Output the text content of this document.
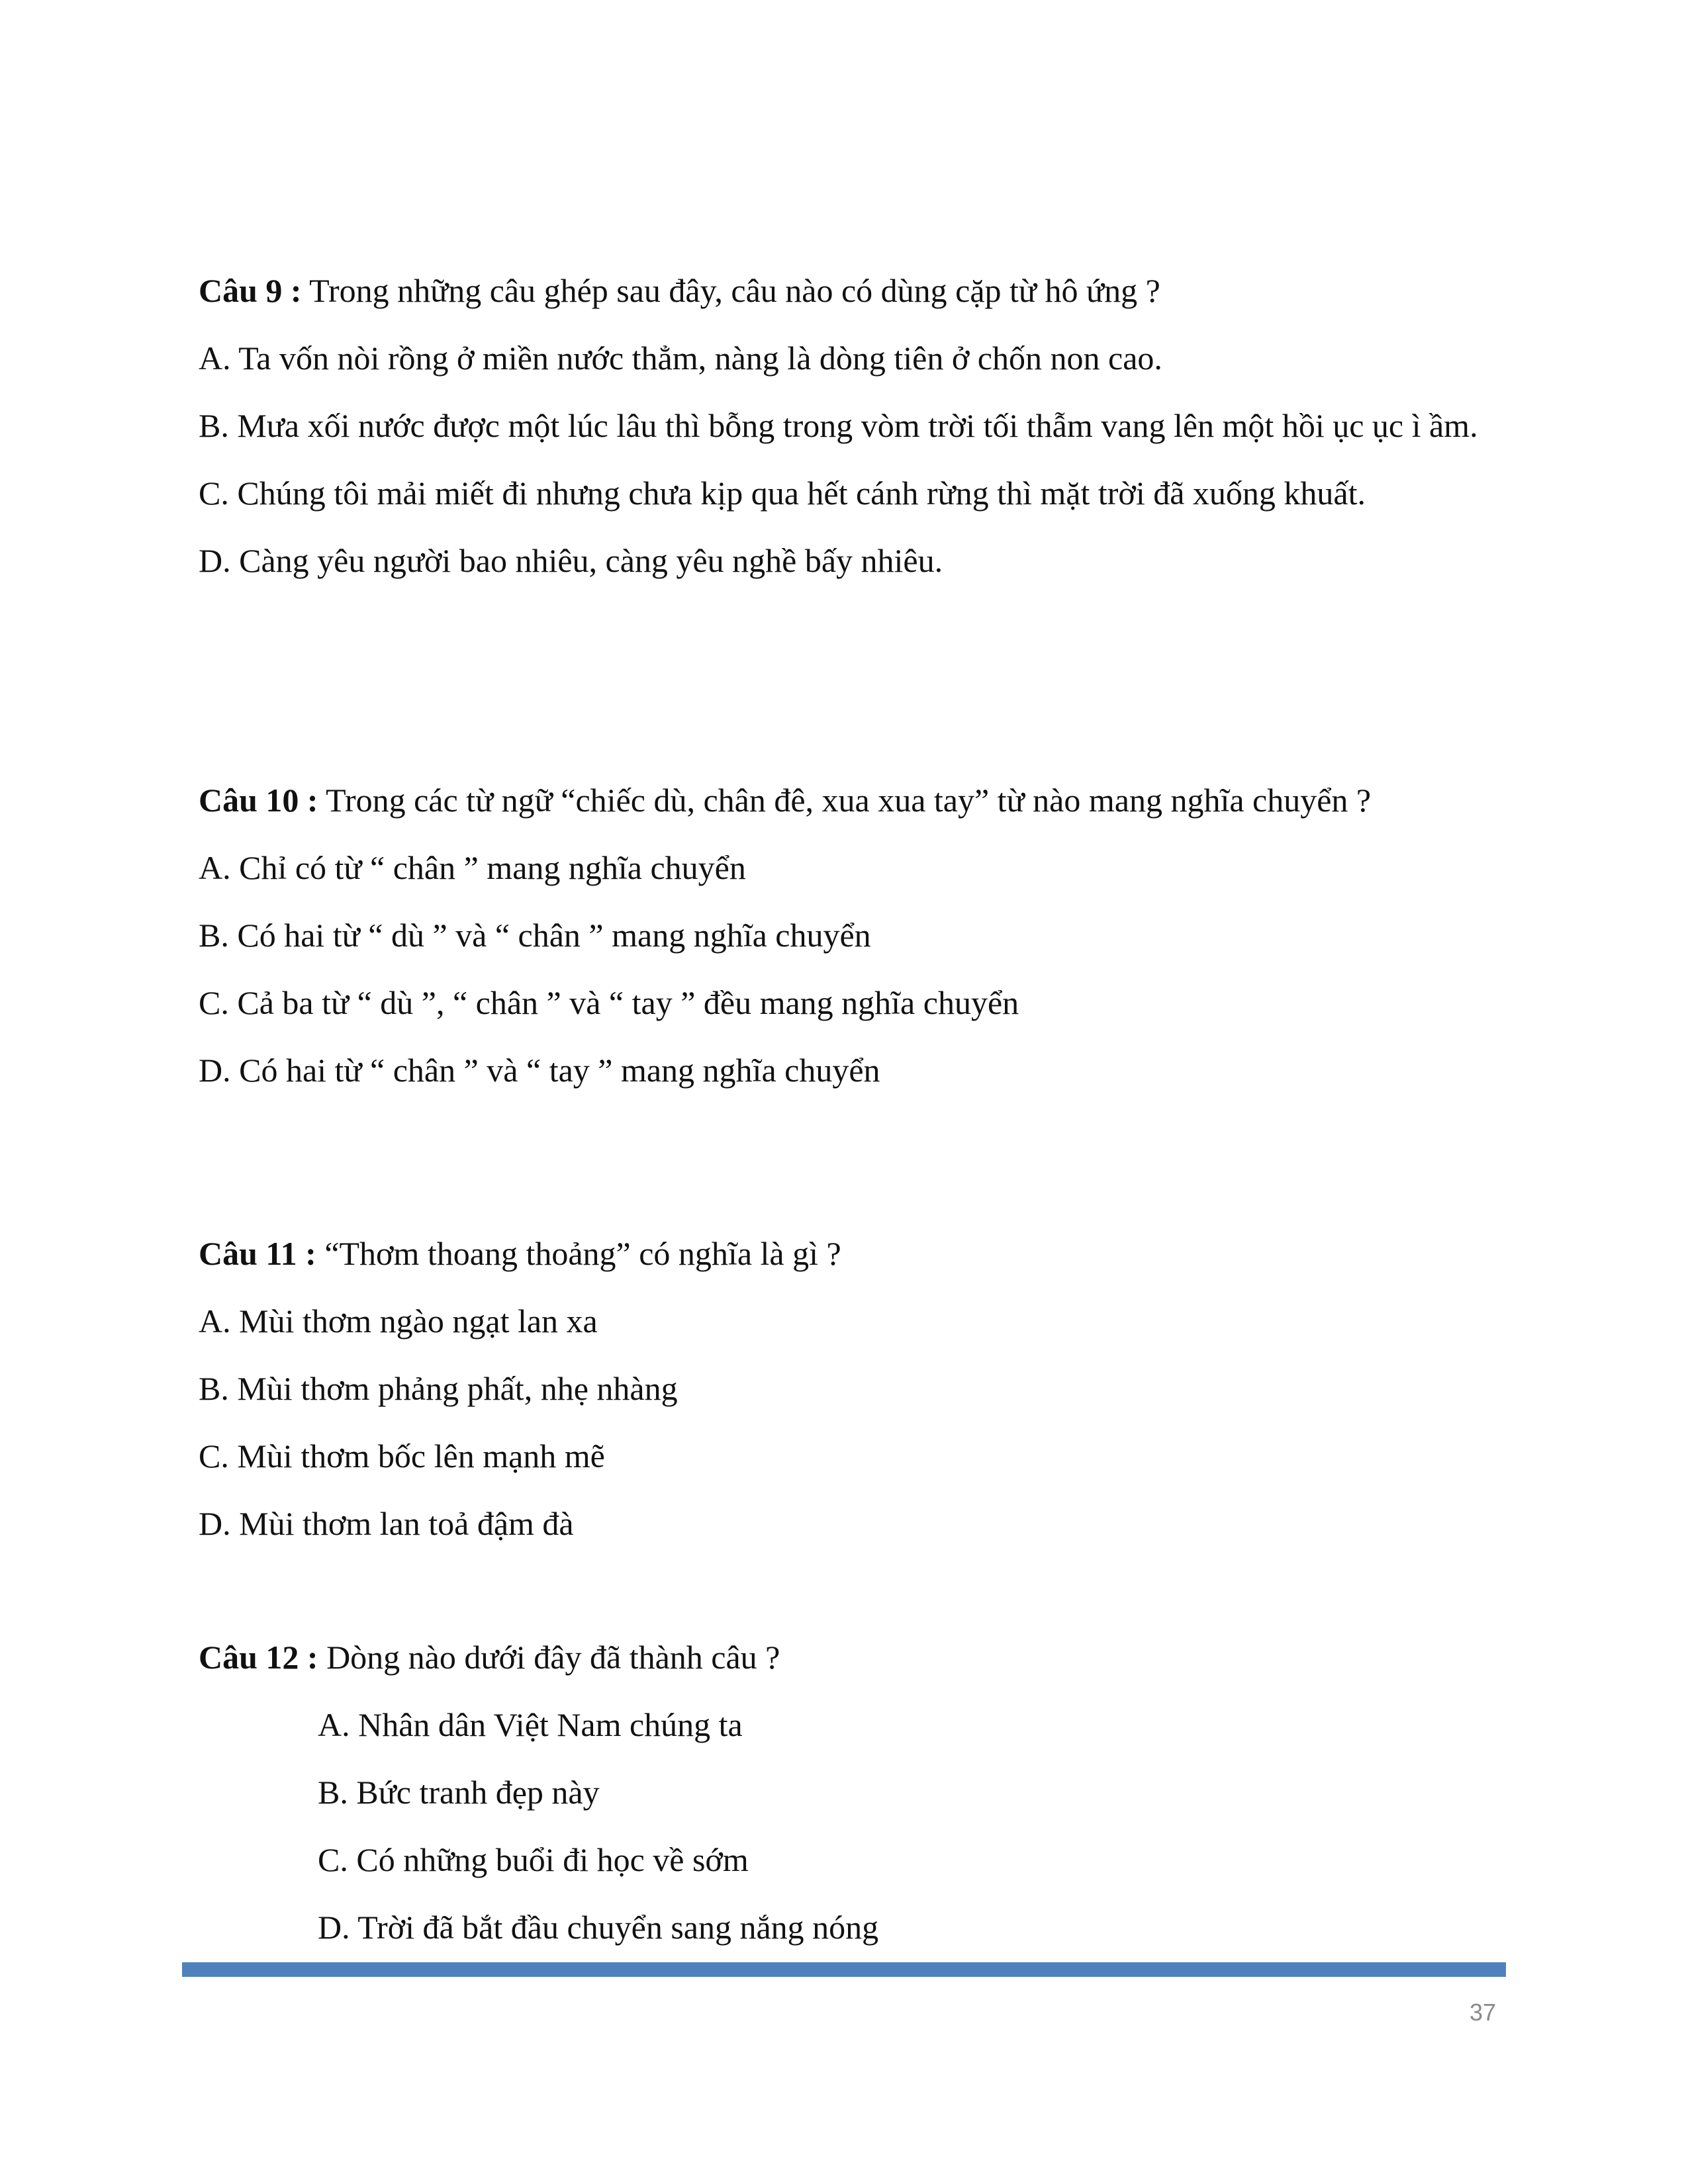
Câu 9 : Trong những câu ghép sau đây, câu nào có dùng cặp từ hô ứng ?

A. Ta vốn nòi rồng ở miền nước thẳm, nàng là dòng tiên ở chốn non cao.

B. Mưa xối nước được một lúc lâu thì bỗng trong vòm trời tối thẫm vang lên một hồi ục ục ì ầm.

C. Chúng tôi mải miết đi nhưng chưa kịp qua hết cánh rừng thì mặt trời đã xuống khuất.

D. Càng yêu người bao nhiêu, càng yêu nghề bấy nhiêu.

Câu 10 : Trong các từ ngữ “chiếc dù, chân đê, xua xua tay” từ nào mang nghĩa chuyển ?

A. Chỉ có từ “ chân ” mang nghĩa chuyển

B. Có hai từ “ dù ” và “ chân ” mang nghĩa chuyển

C. Cả ba từ “ dù ”, “ chân ” và “ tay ” đều mang nghĩa chuyển

D. Có hai từ “ chân ” và “ tay ” mang nghĩa chuyển

Câu 11 : “Thơm thoang thoảng” có nghĩa là gì ?

A. Mùi thơm ngào ngạt lan xa

B. Mùi thơm phảng phất, nhẹ nhàng

C. Mùi thơm bốc lên mạnh mẽ

D. Mùi thơm lan toả đậm đà

Câu 12 : Dòng nào dưới đây đã thành câu ?

A. Nhân dân Việt Nam chúng ta

B. Bức tranh đẹp này

C. Có những buổi đi học về sớm

D. Trời đã bắt đầu chuyển sang nắng nóng

37
